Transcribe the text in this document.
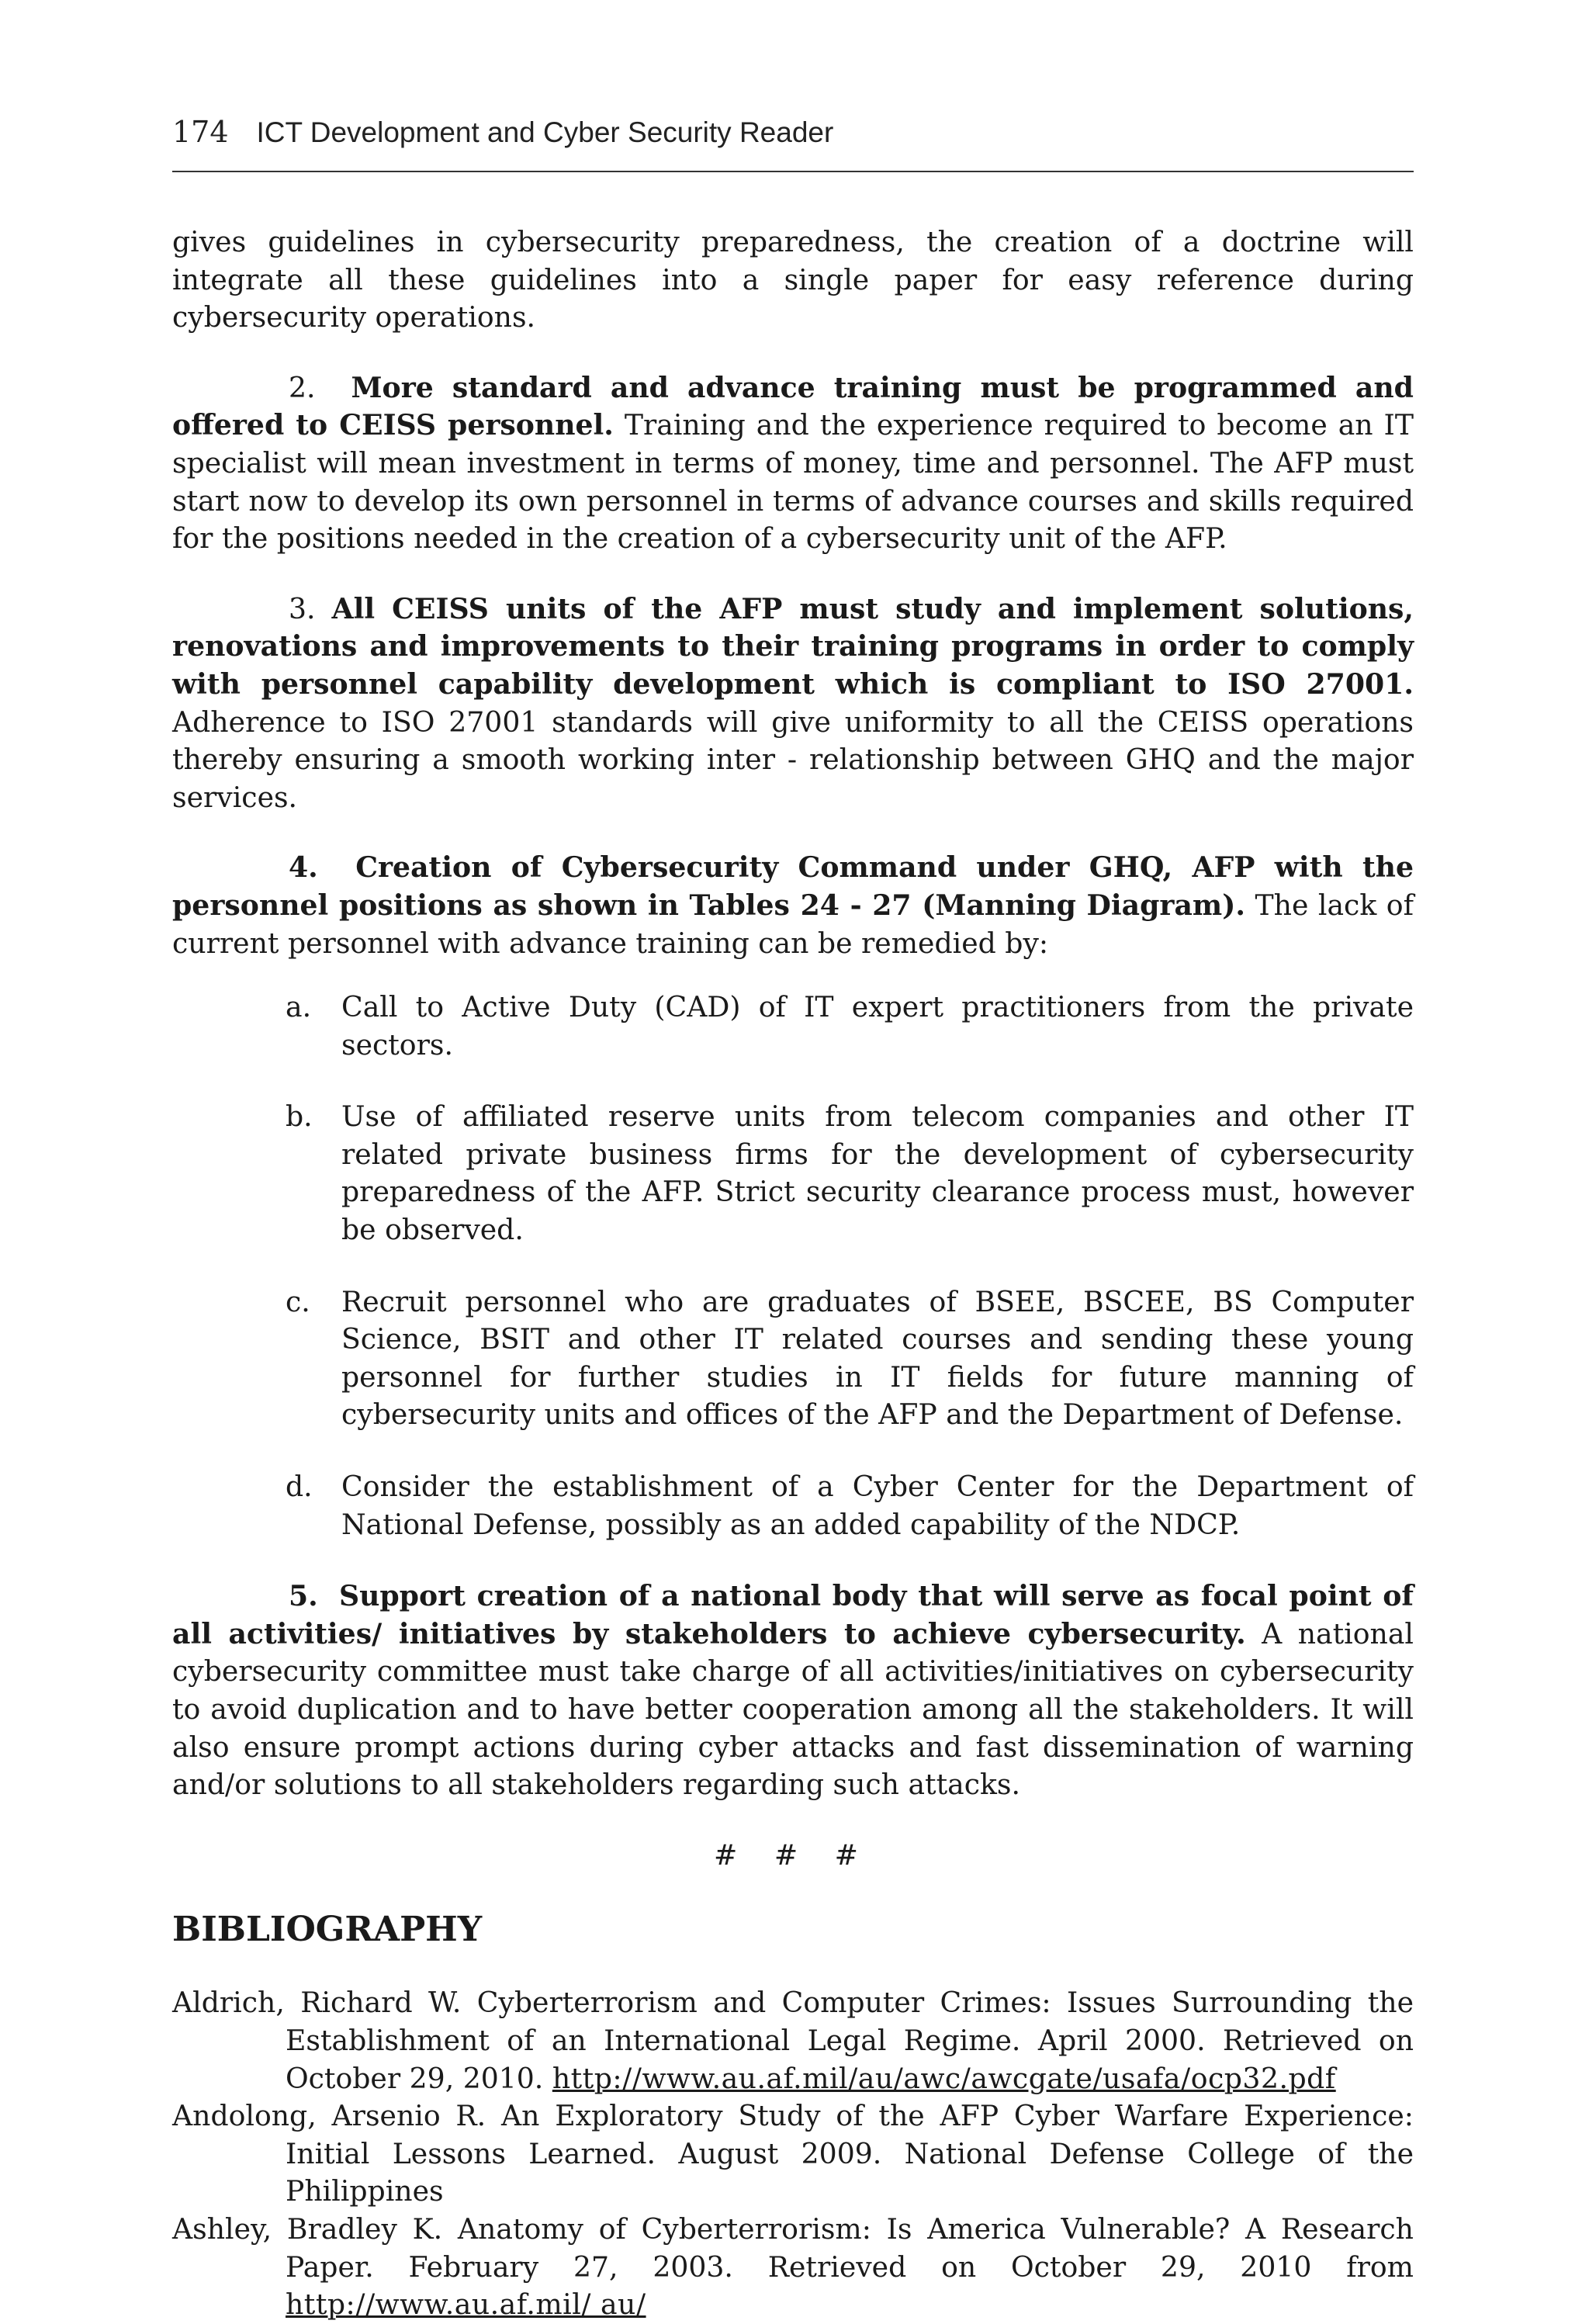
174 ICT Development and Cyber Security Reader

gives guidelines in cybersecurity preparedness, the creation of a doctrine will integrate all these guidelines into a single paper for easy reference during cybersecurity operations.

2. More standard and advance training must be programmed and offered to CEISS personnel. Training and the experience required to become an IT specialist will mean investment in terms of money, time and personnel. The AFP must start now to develop its own personnel in terms of advance courses and skills required for the positions needed in the creation of a cybersecurity unit of the AFP.

3. All CEISS units of the AFP must study and implement solutions, renovations and improvements to their training programs in order to comply with personnel capability development which is compliant to ISO 27001. Adherence to ISO 27001 standards will give uniformity to all the CEISS operations thereby ensuring a smooth working inter - relationship between GHQ and the major services.

4. Creation of Cybersecurity Command under GHQ, AFP with the personnel positions as shown in Tables 24 - 27 (Manning Diagram). The lack of current personnel with advance training can be remedied by:

a. Call to Active Duty (CAD) of IT expert practitioners from the private sectors.
b. Use of affiliated reserve units from telecom companies and other IT related private business firms for the development of cybersecurity preparedness of the AFP. Strict security clearance process must, however be observed.
c. Recruit personnel who are graduates of BSEE, BSCEE, BS Computer Science, BSIT and other IT related courses and sending these young personnel for further studies in IT fields for future manning of cybersecurity units and offices of the AFP and the Department of Defense.
d. Consider the establishment of a Cyber Center for the Department of National Defense, possibly as an added capability of the NDCP.

5. Support creation of a national body that will serve as focal point of all activities/ initiatives by stakeholders to achieve cybersecurity. A national cybersecurity committee must take charge of all activities/initiatives on cybersecurity to avoid duplication and to have better cooperation among all the stakeholders. It will also ensure prompt actions during cyber attacks and fast dissemination of warning and/or solutions to all stakeholders regarding such attacks.

# # #
BIBLIOGRAPHY

Aldrich, Richard W. Cyberterrorism and Computer Crimes: Issues Surrounding the Establishment of an International Legal Regime. April 2000. Retrieved on October 29, 2010. http://www.au.af.mil/au/awc/awcgate/usafa/ocp32.pdf

Andolong, Arsenio R. An Exploratory Study of the AFP Cyber Warfare Experience: Initial Lessons Learned. August 2009. National Defense College of the Philippines

Ashley, Bradley K. Anatomy of Cyberterrorism: Is America Vulnerable? A Research Paper. February 27, 2003. Retrieved on October 29, 2010 from http://www.au.af.mil/ au/
